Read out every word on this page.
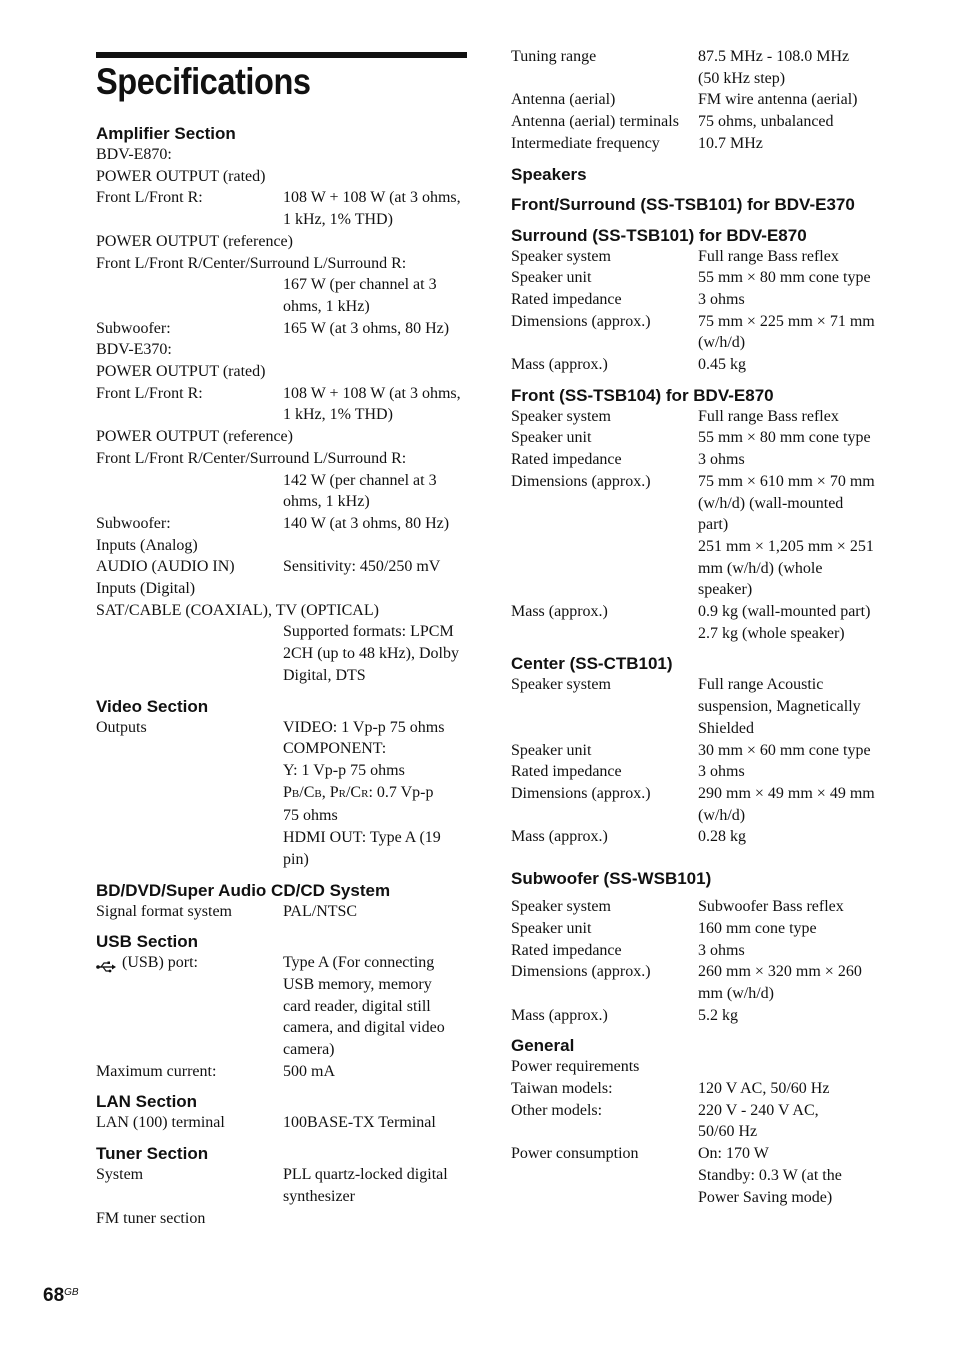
Specifications
Amplifier Section
BDV-E870:
POWER OUTPUT (rated)
Front L/Front R:	108 W + 108 W (at 3 ohms,
1 kHz, 1% THD)
POWER OUTPUT (reference)
Front L/Front R/Center/Surround L/Surround R:
167 W (per channel at 3
ohms, 1 kHz)
Subwoofer:	165 W (at 3 ohms, 80 Hz)
BDV-E370:
POWER OUTPUT (rated)
Front L/Front R:	108 W + 108 W (at 3 ohms,
1 kHz, 1% THD)
POWER OUTPUT (reference)
Front L/Front R/Center/Surround L/Surround R:
142 W (per channel at 3
ohms, 1 kHz)
Subwoofer:	140 W (at 3 ohms, 80 Hz)
Inputs (Analog)
AUDIO (AUDIO IN)	Sensitivity: 450/250 mV
Inputs (Digital)
SAT/CABLE (COAXIAL), TV (OPTICAL)
Supported formats: LPCM
2CH (up to 48 kHz), Dolby
Digital, DTS
Video Section
Outputs	VIDEO: 1 Vp-p 75 ohms
COMPONENT:
Y: 1 Vp-p 75 ohms
PB/CB, PR/CR: 0.7 Vp-p
75 ohms
HDMI OUT: Type A (19
pin)
BD/DVD/Super Audio CD/CD System
Signal format system	PAL/NTSC
USB Section
(USB) port:	Type A (For connecting
USB memory, memory
card reader, digital still
camera, and digital video
camera)
Maximum current:	500 mA
LAN Section
LAN (100) terminal	100BASE-TX Terminal
Tuner Section
System	PLL quartz-locked digital
synthesizer
FM tuner section
Tuning range	87.5 MHz - 108.0 MHz
(50 kHz step)
Antenna (aerial)	FM wire antenna (aerial)
Antenna (aerial) terminals	75 ohms, unbalanced
Intermediate frequency	10.7 MHz
Speakers
Front/Surround (SS-TSB101) for BDV-E370
Surround (SS-TSB101) for BDV-E870
Speaker system	Full range Bass reflex
Speaker unit	55 mm × 80 mm cone type
Rated impedance	3 ohms
Dimensions (approx.)	75 mm × 225 mm × 71 mm
(w/h/d)
Mass (approx.)	0.45 kg
Front (SS-TSB104) for BDV-E870
Speaker system	Full range Bass reflex
Speaker unit	55 mm × 80 mm cone type
Rated impedance	3 ohms
Dimensions (approx.)	75 mm × 610 mm × 70 mm
(w/h/d) (wall-mounted
part)
251 mm × 1,205 mm × 251
mm (w/h/d) (whole
speaker)
Mass (approx.)	0.9 kg (wall-mounted part)
2.7 kg (whole speaker)
Center (SS-CTB101)
Speaker system	Full range Acoustic
suspension, Magnetically
Shielded
Speaker unit	30 mm × 60 mm cone type
Rated impedance	3 ohms
Dimensions (approx.)	290 mm × 49 mm × 49 mm
(w/h/d)
Mass (approx.)	0.28 kg
Subwoofer (SS-WSB101)
Speaker system	Subwoofer Bass reflex
Speaker unit	160 mm cone type
Rated impedance	3 ohms
Dimensions (approx.)	260 mm × 320 mm × 260
mm (w/h/d)
Mass (approx.)	5.2 kg
General
Power requirements
Taiwan models:	120 V AC, 50/60 Hz
Other models:	220 V - 240 V AC,
50/60 Hz
Power consumption	On: 170 W
Standby: 0.3 W (at the
Power Saving mode)
$68^{GB}$
